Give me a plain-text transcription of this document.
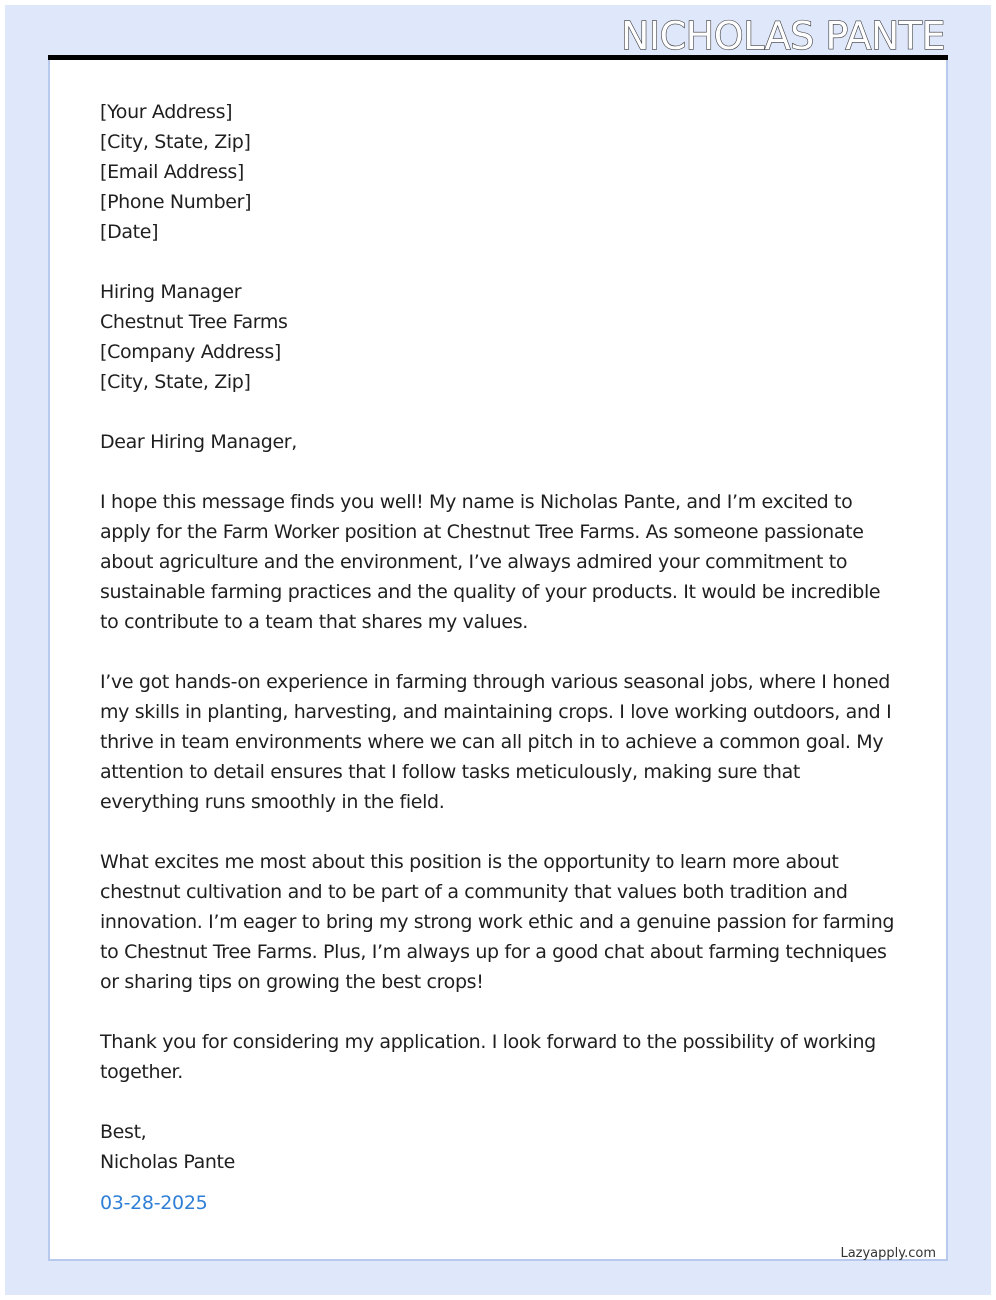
NICHOLAS PANTE
[Your Address]
[City, State, Zip]
[Email Address]
[Phone Number]
[Date]
Hiring Manager
Chestnut Tree Farms
[Company Address]
[City, State, Zip]
Dear Hiring Manager,
I hope this message finds you well! My name is Nicholas Pante, and I’m excited to apply for the Farm Worker position at Chestnut Tree Farms. As someone passionate about agriculture and the environment, I’ve always admired your commitment to sustainable farming practices and the quality of your products. It would be incredible to contribute to a team that shares my values.
I’ve got hands-on experience in farming through various seasonal jobs, where I honed my skills in planting, harvesting, and maintaining crops. I love working outdoors, and I thrive in team environments where we can all pitch in to achieve a common goal. My attention to detail ensures that I follow tasks meticulously, making sure that everything runs smoothly in the field.
What excites me most about this position is the opportunity to learn more about chestnut cultivation and to be part of a community that values both tradition and innovation. I’m eager to bring my strong work ethic and a genuine passion for farming to Chestnut Tree Farms. Plus, I’m always up for a good chat about farming techniques or sharing tips on growing the best crops!
Thank you for considering my application. I look forward to the possibility of working together.
Best,
Nicholas Pante
03-28-2025
Lazyapply.com
